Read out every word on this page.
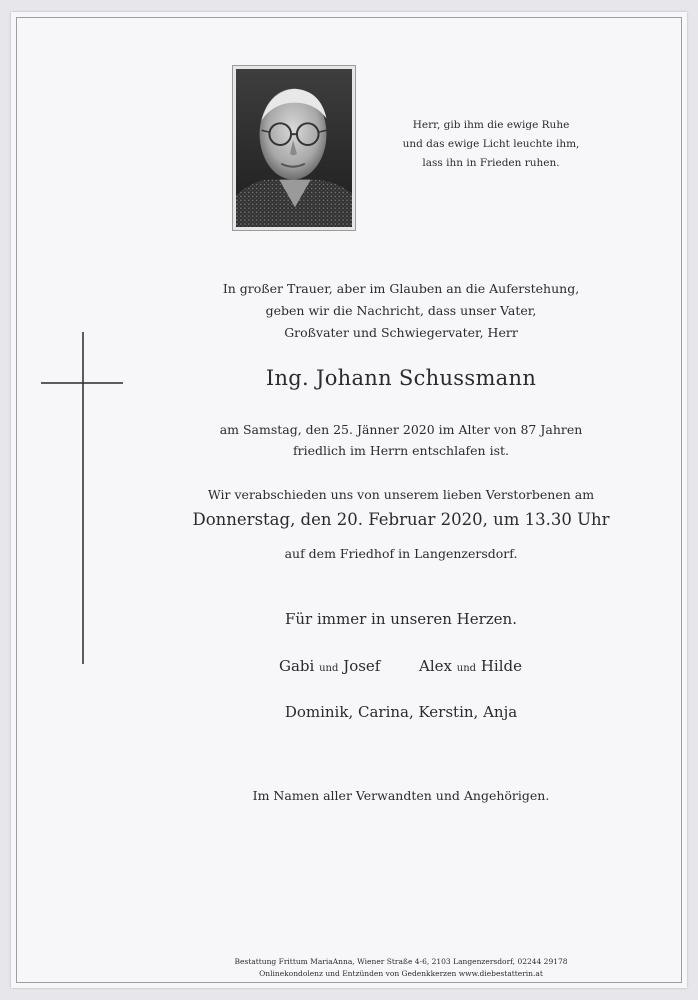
Herr, gib ihm die ewige Ruhe
und das ewige Licht leuchte ihm,
lass ihn in Frieden ruhen.
In großer Trauer, aber im Glauben an die Auferstehung,
geben wir die Nachricht, dass unser Vater,
Großvater und Schwiegervater, Herr
Ing. Johann Schussmann
am Samstag, den 25. Jänner 2020 im Alter von 87 Jahren
friedlich im Herrn entschlafen ist.
Wir verabschieden uns von unserem lieben Verstorbenen am
Donnerstag, den 20. Februar 2020, um 13.30 Uhr
auf dem Friedhof in Langenzersdorf.
Für immer in unseren Herzen.
Gabi und Josef	Alex und Hilde
Dominik, Carina, Kerstin, Anja
Im Namen aller Verwandten und Angehörigen.
Bestattung Frittum MariaAnna, Wiener Straße 4-6, 2103 Langenzersdorf, 02244 29178
Onlinekondolenz und Entzünden von Gedenkkerzen www.diebestatterin.at
